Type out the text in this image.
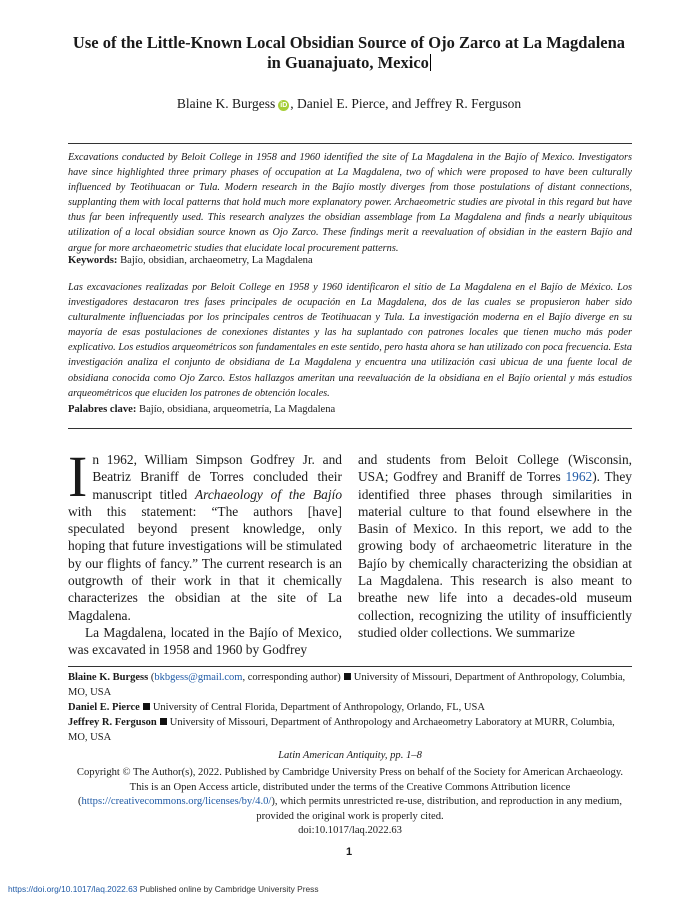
Use of the Little-Known Local Obsidian Source of Ojo Zarco at La Magdalena
in Guanajuato, Mexico
Blaine K. Burgess iD , Daniel E. Pierce, and Jeffrey R. Ferguson
Excavations conducted by Beloit College in 1958 and 1960 identified the site of La Magdalena in the Bajío of Mexico. Investigators have since highlighted three primary phases of occupation at La Magdalena, two of which were proposed to have been culturally influenced by Teotihuacan or Tula. Modern research in the Bajío mostly diverges from those postulations of distant connections, supplanting them with local patterns that hold much more explanatory power. Archaeometric studies are pivotal in this regard but have thus far been infrequently used. This research analyzes the obsidian assemblage from La Magdalena and finds a nearly ubiquitous utilization of a local obsidian source known as Ojo Zarco. These findings merit a reevaluation of obsidian in the eastern Bajío and argue for more archaeometric studies that elucidate local procurement patterns.
Keywords: Bajío, obsidian, archaeometry, La Magdalena
Las excavaciones realizadas por Beloit College en 1958 y 1960 identificaron el sitio de La Magdalena en el Bajío de México. Los investigadores destacaron tres fases principales de ocupación en La Magdalena, dos de las cuales se propusieron haber sido culturalmente influenciadas por los principales centros de Teotihuacan y Tula. La investigación moderna en el Bajío diverge en su mayoría de esas postulaciones de conexiones distantes y las ha suplantado con patrones locales que tienen mucho más poder explicativo. Los estudios arqueométricos son fundamentales en este sentido, pero hasta ahora se han utilizado con poca frecuencia. Esta investigación analiza el conjunto de obsidiana de La Magdalena y encuentra una utilización casi ubicua de una fuente local de obsidiana conocida como Ojo Zarco. Estos hallazgos ameritan una reevaluación de la obsidiana en el Bajío oriental y más estudios arqueométricos que eluciden los patrones de obtención locales.
Palabres clave: Bajío, obsidiana, arqueometría, La Magdalena

In 1962, William Simpson Godfrey Jr. and Beatriz Braniff de Torres concluded their manuscript titled Archaeology of the Bajío with this statement: “The authors [have] speculated beyond present knowledge, only hoping that future investigations will be stimulated by our flights of fancy.” The current research is an outgrowth of their work in that it chemically characterizes the obsidian at the site of La Magdalena.

La Magdalena, located in the Bajío of Mexico, was excavated in 1958 and 1960 by Godfrey

and students from Beloit College (Wisconsin, USA; Godfrey and Braniff de Torres 1962). They identified three phases through similarities in material culture to that found elsewhere in the Basin of Mexico. In this report, we add to the growing body of archaeometric literature in the Bajío by chemically characterizing the obsidian at La Magdalena. This research is also meant to breathe new life into a decades-old museum collection, recognizing the utility of insufficiently studied older collections. We summarize

Blaine K. Burgess (bkbgess@gmail.com, corresponding author) University of Missouri, Department of Anthropology, Columbia, MO, USA
Daniel E. Pierce University of Central Florida, Department of Anthropology, Orlando, FL, USA
Jeffrey R. Ferguson University of Missouri, Department of Anthropology and Archaeometry Laboratory at MURR, Columbia, MO, USA
Latin American Antiquity, pp. 1–8
Copyright © The Author(s), 2022. Published by Cambridge University Press on behalf of the Society for American Archaeology. This is an Open Access article, distributed under the terms of the Creative Commons Attribution licence (https://creativecommons.org/licenses/by/4.0/), which permits unrestricted re-use, distribution, and reproduction in any medium, provided the original work is properly cited.
doi:10.1017/laq.2022.63
1
https://doi.org/10.1017/laq.2022.63 Published online by Cambridge University Press
